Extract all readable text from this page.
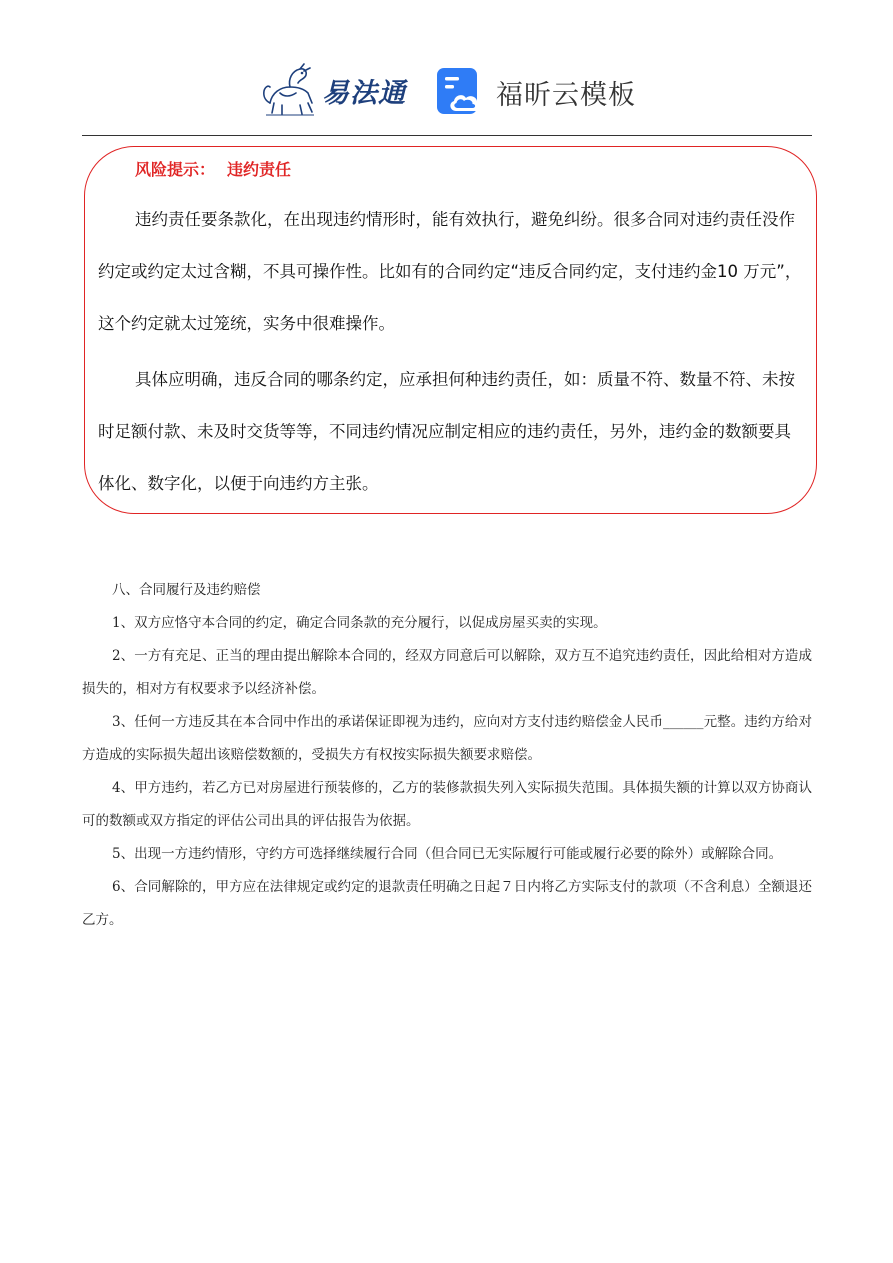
易法通	福昕云模板
风险提示： 违约责任
违约责任要条款化，在出现违约情形时，能有效执行，避免纠纷。很多合同对违约责任没作约定或约定太过含糊，不具可操作性。比如有的合同约定“违反合同约定，支付违约金10 万元”，这个约定就太过笼统，实务中很难操作。
具体应明确，违反合同的哪条约定，应承担何种违约责任，如：质量不符、数量不符、未按时足额付款、未及时交货等等，不同违约情况应制定相应的违约责任，另外，违约金的数额要具体化、数字化，以便于向违约方主张。

八、合同履行及违约赔偿

1、双方应恪守本合同的约定，确定合同条款的充分履行，以促成房屋买卖的实现。

2、一方有充足、正当的理由提出解除本合同的，经双方同意后可以解除，双方互不追究违约责任，因此给相对方造成损失的，相对方有权要求予以经济补偿。

3、任何一方违反其在本合同中作出的承诺保证即视为违约，应向对方支付违约赔偿金人民币______元整。违约方给对方造成的实际损失超出该赔偿数额的，受损失方有权按实际损失额要求赔偿。

4、甲方违约，若乙方已对房屋进行预装修的，乙方的装修款损失列入实际损失范围。具体损失额的计算以双方协商认可的数额或双方指定的评估公司出具的评估报告为依据。

5、出现一方违约情形，守约方可选择继续履行合同（但合同已无实际履行可能或履行必要的除外）或解除合同。

6、合同解除的，甲方应在法律规定或约定的退款责任明确之日起７日内将乙方实际支付的款项（不含利息）全额退还乙方。
